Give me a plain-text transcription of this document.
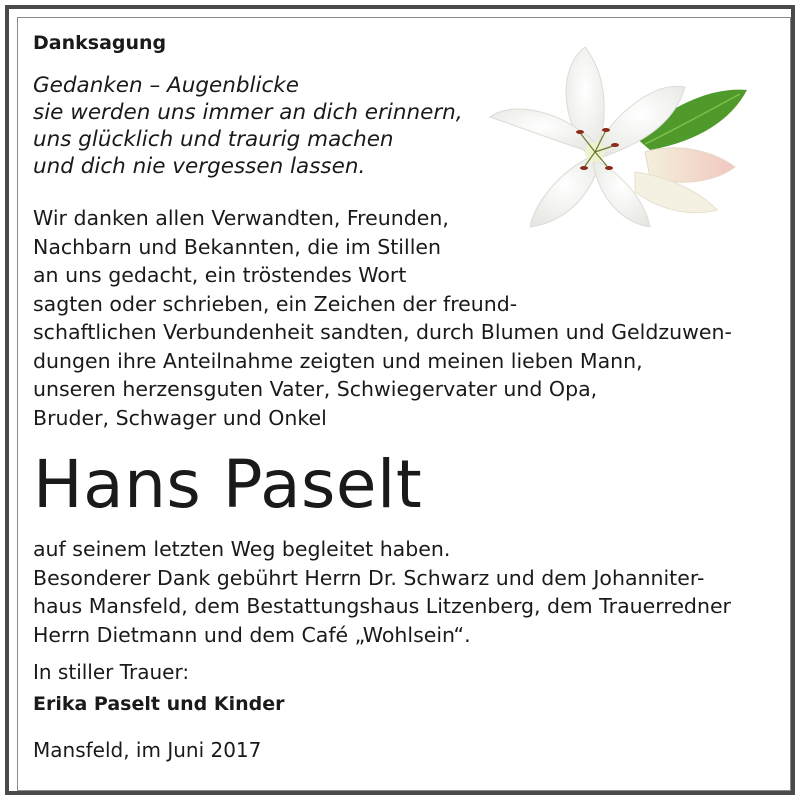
Danksagung
Gedanken – Augenblicke
sie werden uns immer an dich erinnern,
uns glücklich und traurig machen
und dich nie vergessen lassen.
Wir danken allen Verwandten, Freunden,
Nachbarn und Bekannten, die im Stillen
an uns gedacht, ein tröstendes Wort
sagten oder schrieben, ein Zeichen der freund-
schaftlichen Verbundenheit sandten, durch Blumen und Geldzuwen-
dungen ihre Anteilnahme zeigten und meinen lieben Mann,
unseren herzensguten Vater, Schwiegervater und Opa,
Bruder, Schwager und Onkel
Hans Paselt
auf seinem letzten Weg begleitet haben.
Besonderer Dank gebührt Herrn Dr. Schwarz und dem Johanniter-
haus Mansfeld, dem Bestattungshaus Litzenberg, dem Trauerredner
Herrn Dietmann und dem Café „Wohlsein“.
In stiller Trauer:
Erika Paselt und Kinder
Mansfeld, im Juni 2017
